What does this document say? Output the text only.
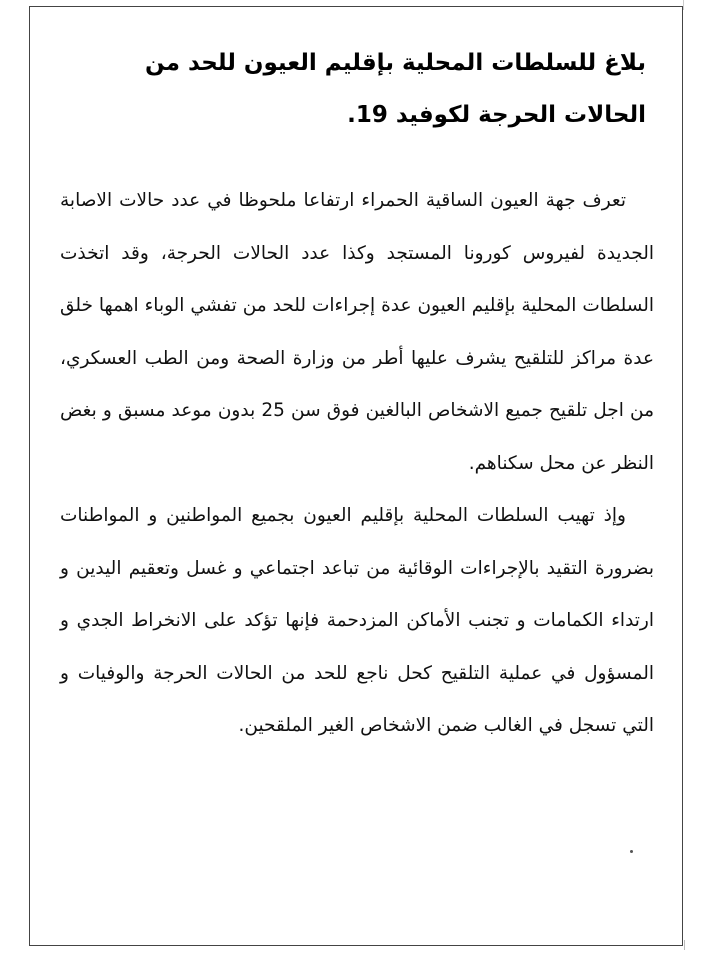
بلاغ للسلطات المحلية بإقليم العيون للحد من الحالات الحرجة لكوفيد 19.

تعرف جهة العيون الساقية الحمراء ارتفاعا ملحوظا في عدد حالات الاصابة الجديدة لفيروس كورونا المستجد وكذا عدد الحالات الحرجة، وقد اتخذت السلطات المحلية بإقليم العيون عدة إجراءات للحد من تفشي الوباء اهمها خلق عدة مراكز للتلقيح يشرف عليها أطر من وزارة الصحة ومن الطب العسكري، من اجل تلقيح جميع الاشخاص البالغين فوق سن 25 بدون موعد مسبق و بغض النظر عن محل سكناهم.

وإذ تهيب السلطات المحلية بإقليم العيون بجميع المواطنين و المواطنات بضرورة التقيد بالإجراءات الوقائية من تباعد اجتماعي و غسل وتعقيم اليدين و ارتداء الكمامات و تجنب الأماكن المزدحمة فإنها تؤكد على الانخراط الجدي و المسؤول في عملية التلقيح كحل ناجع للحد من الحالات الحرجة والوفيات و التي تسجل في الغالب ضمن الاشخاص الغير الملقحين.
